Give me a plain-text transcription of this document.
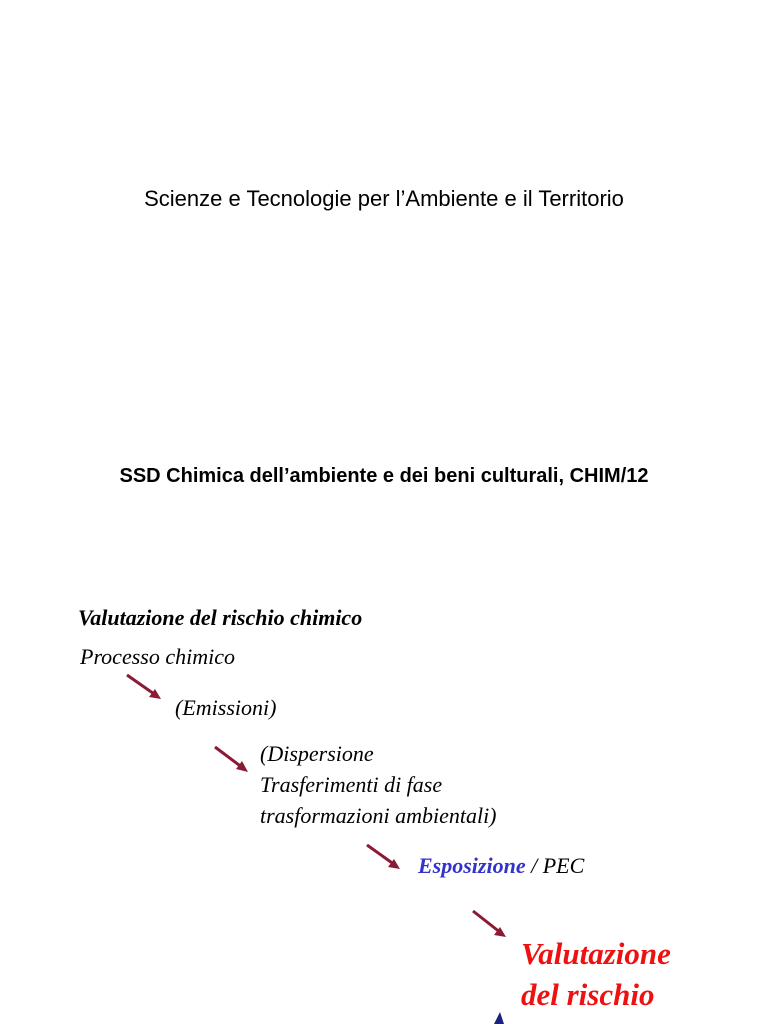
Scienze e Tecnologie per l’Ambiente e il Territorio
SSD Chimica dell’ambiente e dei beni culturali, CHIM/12
Valutazione del rischio chimico
Processo chimico
(Emissioni)
(Dispersione
Trasferimenti di fase
trasformazioni ambientali)
Esposizione / PEC
Valutazione
del rischio
